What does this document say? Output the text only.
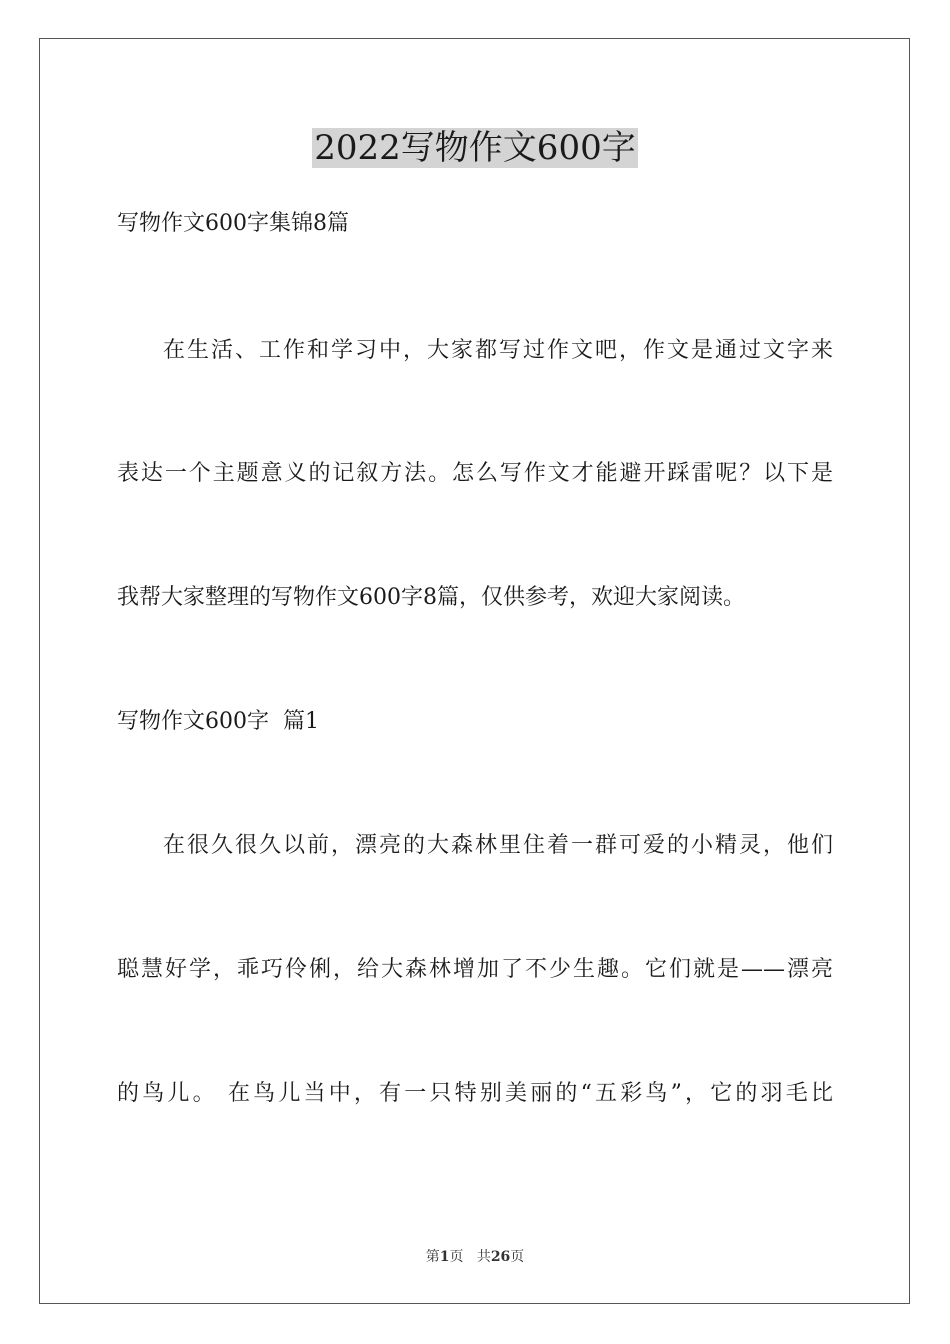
2022写物作文600字
写物作文600字集锦8篇
在生活、工作和学习中，大家都写过作文吧，作文是通过文字来
表达一个主题意义的记叙方法。怎么写作文才能避开踩雷呢？以下是
我帮大家整理的写物作文600字8篇，仅供参考，欢迎大家阅读。
写物作文600字  篇1
在很久很久以前，漂亮的大森林里住着一群可爱的小精灵，他们
聪慧好学，乖巧伶俐，给大森林增加了不少生趣。它们就是——漂亮
的鸟儿。 在鸟儿当中，有一只特别美丽的“五彩鸟”，它的羽毛比
第1页 共26页
